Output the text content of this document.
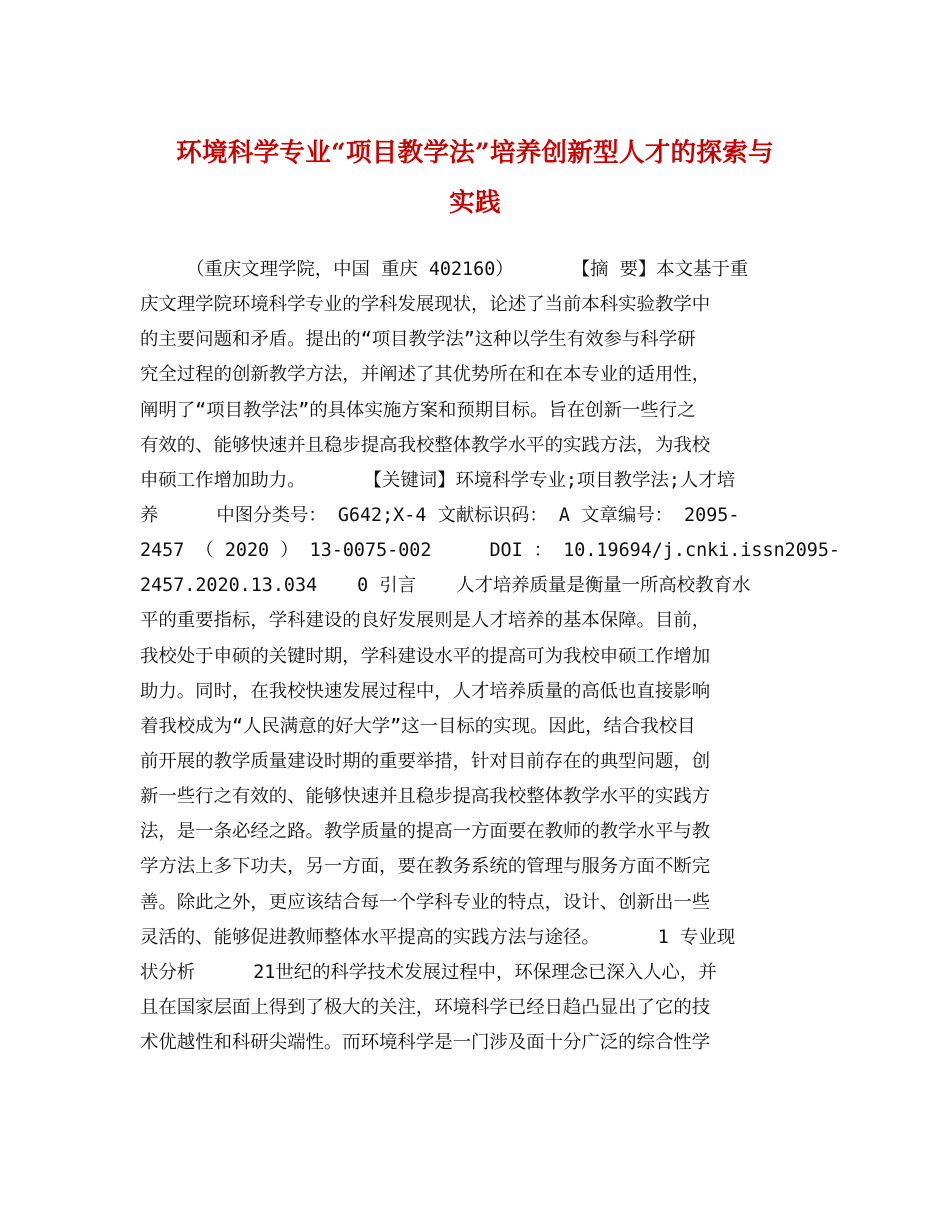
环境科学专业“项目教学法”培养创新型人才的探索与
实践
（重庆文理学院，中国 重庆 402160）	【摘 要】本文基于重
庆文理学院环境科学专业的学科发展现状，论述了当前本科实验教学中
的主要问题和矛盾。提出的“项目教学法”这种以学生有效参与科学研
究全过程的创新教学方法，并阐述了其优势所在和在本专业的适用性，
阐明了“项目教学法”的具体实施方案和预期目标。旨在创新一些行之
有效的、能够快速并且稳步提高我校整体教学水平的实践方法，为我校
申硕工作增加助力。	【关键词】环境科学专业;项目教学法;人才培
养	中图分类号： G642;X-4 文献标识码： A 文章编号： 2095-
2457 （ 2020 ） 13-0075-002	DOI ： 10.19694/j.cnki.issn2095-
2457.2020.13.034 0 引言 人才培养质量是衡量一所高校教育水
平的重要指标，学科建设的良好发展则是人才培养的基本保障。目前，
我校处于申硕的关键时期，学科建设水平的提高可为我校申硕工作增加
助力。同时，在我校快速发展过程中，人才培养质量的高低也直接影响
着我校成为“人民满意的好大学”这一目标的实现。因此，结合我校目
前开展的教学质量建设时期的重要举措，针对目前存在的典型问题，创
新一些行之有效的、能够快速并且稳步提高我校整体教学水平的实践方
法，是一条必经之路。教学质量的提高一方面要在教师的教学水平与教
学方法上多下功夫，另一方面，要在教务系统的管理与服务方面不断完
善。除此之外，更应该结合每一个学科专业的特点，设计、创新出一些
灵活的、能够促进教师整体水平提高的实践方法与途径。	1 专业现
状分析	21世纪的科学技术发展过程中，环保理念已深入人心，并
且在国家层面上得到了极大的关注，环境科学已经日趋凸显出了它的技
术优越性和科研尖端性。而环境科学是一门涉及面十分广泛的综合性学
